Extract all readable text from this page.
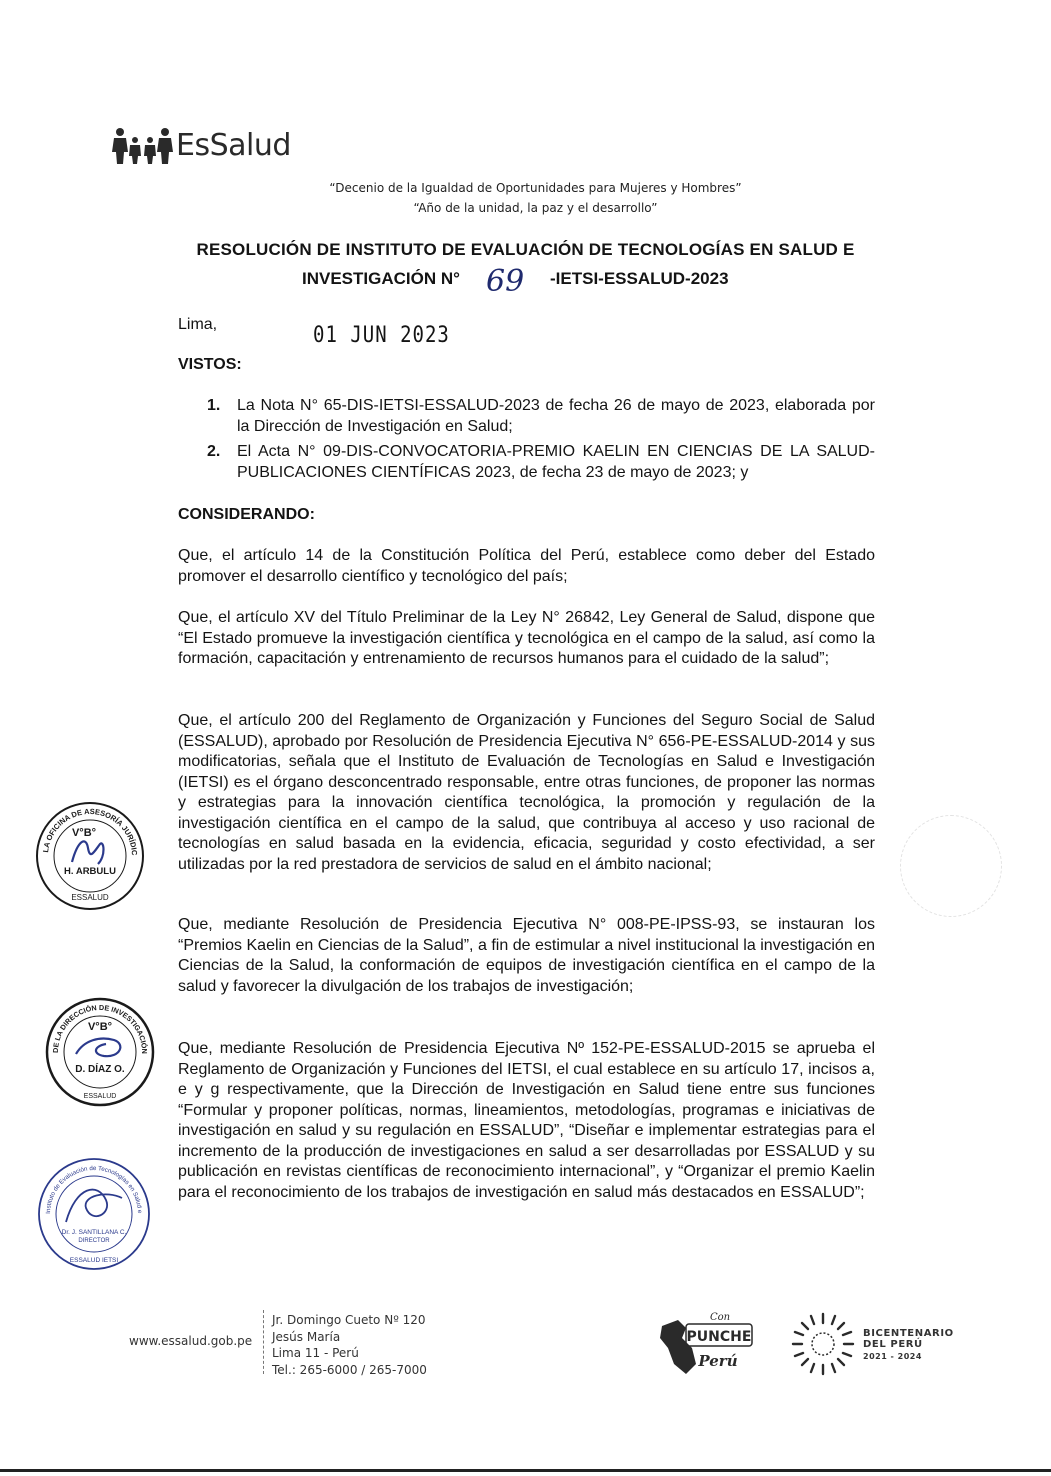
EsSalud
“Decenio de la Igualdad de Oportunidades para Mujeres y Hombres”
“Año de la unidad, la paz y el desarrollo”
RESOLUCIÓN DE INSTITUTO DE EVALUACIÓN DE TECNOLOGÍAS EN SALUD E
INVESTIGACIÓN N° 69 -IETSI-ESSALUD-2023
Lima,	01 JUN 2023
VISTOS:
1.	La Nota N° 65-DIS-IETSI-ESSALUD-2023 de fecha 26 de mayo de 2023, elaborada por la Dirección de Investigación en Salud;
2.	El Acta N° 09-DIS-CONVOCATORIA-PREMIO KAELIN EN CIENCIAS DE LA SALUD-PUBLICACIONES CIENTÍFICAS 2023, de fecha 23 de mayo de 2023; y
CONSIDERANDO:
Que, el artículo 14 de la Constitución Política del Perú, establece como deber del Estado promover el desarrollo científico y tecnológico del país;
Que, el artículo XV del Título Preliminar de la Ley N° 26842, Ley General de Salud, dispone que “El Estado promueve la investigación científica y tecnológica en el campo de la salud, así como la formación, capacitación y entrenamiento de recursos humanos para el cuidado de la salud”;
Que, el artículo 200 del Reglamento de Organización y Funciones del Seguro Social de Salud (ESSALUD), aprobado por Resolución de Presidencia Ejecutiva N° 656-PE-ESSALUD-2014 y sus modificatorias, señala que el Instituto de Evaluación de Tecnologías en Salud e Investigación (IETSI) es el órgano desconcentrado responsable, entre otras funciones, de proponer las normas y estrategias para la innovación científica tecnológica, la promoción y regulación de la investigación científica en el campo de la salud, que contribuya al acceso y uso racional de tecnologías en salud basada en la evidencia, eficacia, seguridad y costo efectividad, a ser utilizadas por la red prestadora de servicios de salud en el ámbito nacional;
Que, mediante Resolución de Presidencia Ejecutiva N° 008-PE-IPSS-93, se instauran los “Premios Kaelin en Ciencias de la Salud”, a fin de estimular a nivel institucional la investigación en Ciencias de la Salud, la conformación de equipos de investigación científica en el campo de la salud y favorecer la divulgación de los trabajos de investigación;
Que, mediante Resolución de Presidencia Ejecutiva Nº 152-PE-ESSALUD-2015 se aprueba el Reglamento de Organización y Funciones del IETSI, el cual establece en su artículo 17, incisos a, e y g respectivamente, que la Dirección de Investigación en Salud tiene entre sus funciones “Formular y proponer políticas, normas, lineamientos, metodologías, programas e iniciativas de investigación en salud y su regulación en ESSALUD”, “Diseñar e implementar estrategias para el incremento de la producción de investigaciones en salud a ser desarrolladas por ESSALUD y su publicación en revistas científicas de reconocimiento internacional”, y “Organizar el premio Kaelin para el reconocimiento de los trabajos de investigación en salud más destacados en ESSALUD”;
LA OFICINA DE ASESORÍA JURÍDIC
V°B°
H. ARBULU
ESSALUD
DE LA DIRECCIÓN DE INVESTIGACIÓN
V°B°
D. DÍAZ O.
ESSALUD
Instituto de Evaluación de Tecnologías en Salud e
Dr. J. SANTILLANA C.
DIRECTOR
ESSALUD IETSI
www.essalud.gob.pe
Jr. Domingo Cueto Nº 120
Jesús María
Lima 11 - Perú
Tel.: 265-6000 / 265-7000
Con
PUNCHE
Perú
BICENTENARIO
DEL PERÚ
2021 - 2024
